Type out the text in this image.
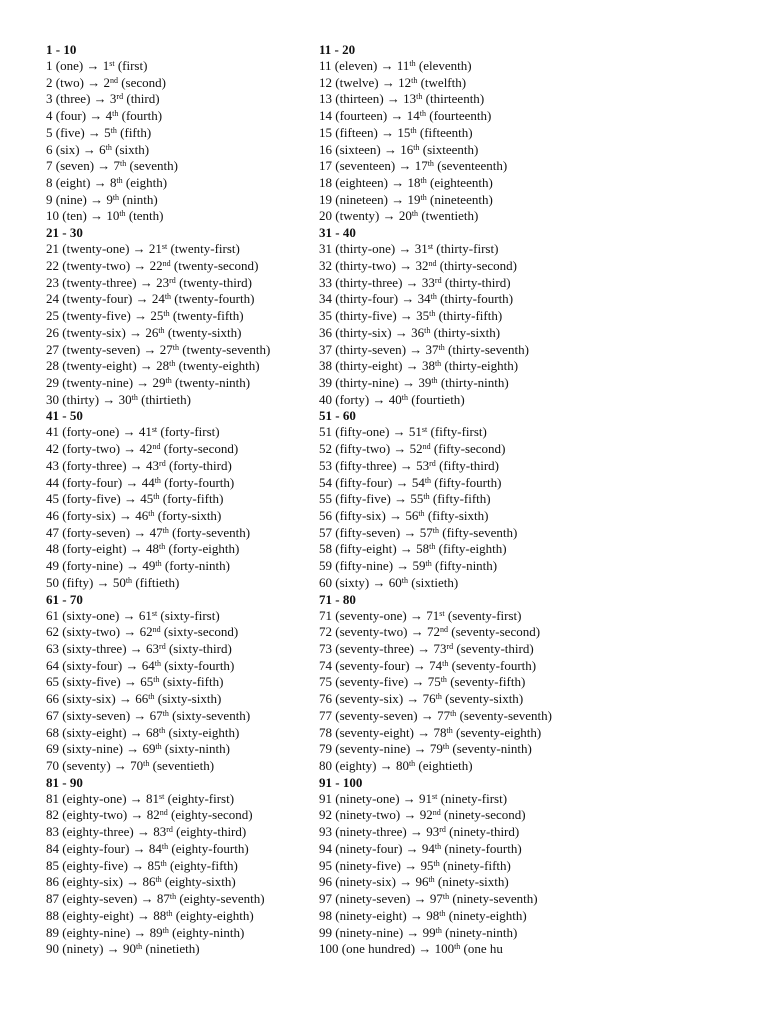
1 - 10
1 (one) → 1st (first)
2 (two) → 2nd (second)
3 (three) → 3rd (third)
4 (four) → 4th (fourth)
5 (five) → 5th (fifth)
6 (six) → 6th (sixth)
7 (seven) → 7th (seventh)
8 (eight) → 8th (eighth)
9 (nine) → 9th (ninth)
10 (ten) → 10th (tenth)
21 - 30
21 (twenty-one) → 21st (twenty-first)
22 (twenty-two) → 22nd (twenty-second)
23 (twenty-three) → 23rd (twenty-third)
24 (twenty-four) → 24th (twenty-fourth)
25 (twenty-five) → 25th (twenty-fifth)
26 (twenty-six) → 26th (twenty-sixth)
27 (twenty-seven) → 27th (twenty-seventh)
28 (twenty-eight) → 28th (twenty-eighth)
29 (twenty-nine) → 29th (twenty-ninth)
30 (thirty) → 30th (thirtieth)
41 - 50
41 (forty-one) → 41st (forty-first)
42 (forty-two) → 42nd (forty-second)
43 (forty-three) → 43rd (forty-third)
44 (forty-four) → 44th (forty-fourth)
45 (forty-five) → 45th (forty-fifth)
46 (forty-six) → 46th (forty-sixth)
47 (forty-seven) → 47th (forty-seventh)
48 (forty-eight) → 48th (forty-eighth)
49 (forty-nine) → 49th (forty-ninth)
50 (fifty) → 50th (fiftieth)
61 - 70
61 (sixty-one) → 61st (sixty-first)
62 (sixty-two) → 62nd (sixty-second)
63 (sixty-three) → 63rd (sixty-third)
64 (sixty-four) → 64th (sixty-fourth)
65 (sixty-five) → 65th (sixty-fifth)
66 (sixty-six) → 66th (sixty-sixth)
67 (sixty-seven) → 67th (sixty-seventh)
68 (sixty-eight) → 68th (sixty-eighth)
69 (sixty-nine) → 69th (sixty-ninth)
70 (seventy) → 70th (seventieth)
81 - 90
81 (eighty-one) → 81st (eighty-first)
82 (eighty-two) → 82nd (eighty-second)
83 (eighty-three) → 83rd (eighty-third)
84 (eighty-four) → 84th (eighty-fourth)
85 (eighty-five) → 85th (eighty-fifth)
86 (eighty-six) → 86th (eighty-sixth)
87 (eighty-seven) → 87th (eighty-seventh)
88 (eighty-eight) → 88th (eighty-eighth)
89 (eighty-nine) → 89th (eighty-ninth)
90 (ninety) → 90th (ninetieth)
11 - 20
11 (eleven) → 11th (eleventh)
12 (twelve) → 12th (twelfth)
13 (thirteen) → 13th (thirteenth)
14 (fourteen) → 14th (fourteenth)
15 (fifteen) → 15th (fifteenth)
16 (sixteen) → 16th (sixteenth)
17 (seventeen) → 17th (seventeenth)
18 (eighteen) → 18th (eighteenth)
19 (nineteen) → 19th (nineteenth)
20 (twenty) → 20th (twentieth)
31 - 40
31 (thirty-one) → 31st (thirty-first)
32 (thirty-two) → 32nd (thirty-second)
33 (thirty-three) → 33rd (thirty-third)
34 (thirty-four) → 34th (thirty-fourth)
35 (thirty-five) → 35th (thirty-fifth)
36 (thirty-six) → 36th (thirty-sixth)
37 (thirty-seven) → 37th (thirty-seventh)
38 (thirty-eight) → 38th (thirty-eighth)
39 (thirty-nine) → 39th (thirty-ninth)
40 (forty) → 40th (fourtieth)
51 - 60
51 (fifty-one) → 51st (fifty-first)
52 (fifty-two) → 52nd (fifty-second)
53 (fifty-three) → 53rd (fifty-third)
54 (fifty-four) → 54th (fifty-fourth)
55 (fifty-five) → 55th (fifty-fifth)
56 (fifty-six) → 56th (fifty-sixth)
57 (fifty-seven) → 57th (fifty-seventh)
58 (fifty-eight) → 58th (fifty-eighth)
59 (fifty-nine) → 59th (fifty-ninth)
60 (sixty) → 60th (sixtieth)
71 - 80
71 (seventy-one) → 71st (seventy-first)
72 (seventy-two) → 72nd (seventy-second)
73 (seventy-three) → 73rd (seventy-third)
74 (seventy-four) → 74th (seventy-fourth)
75 (seventy-five) → 75th (seventy-fifth)
76 (seventy-six) → 76th (seventy-sixth)
77 (seventy-seven) → 77th (seventy-seventh)
78 (seventy-eight) → 78th (seventy-eighth)
79 (seventy-nine) → 79th (seventy-ninth)
80 (eighty) → 80th (eightieth)
91 - 100
91 (ninety-one) → 91st (ninety-first)
92 (ninety-two) → 92nd (ninety-second)
93 (ninety-three) → 93rd (ninety-third)
94 (ninety-four) → 94th (ninety-fourth)
95 (ninety-five) → 95th (ninety-fifth)
96 (ninety-six) → 96th (ninety-sixth)
97 (ninety-seven) → 97th (ninety-seventh)
98 (ninety-eight) → 98th (ninety-eighth)
99 (ninety-nine) → 99th (ninety-ninth)
100 (one hundred) → 100th (one hu
